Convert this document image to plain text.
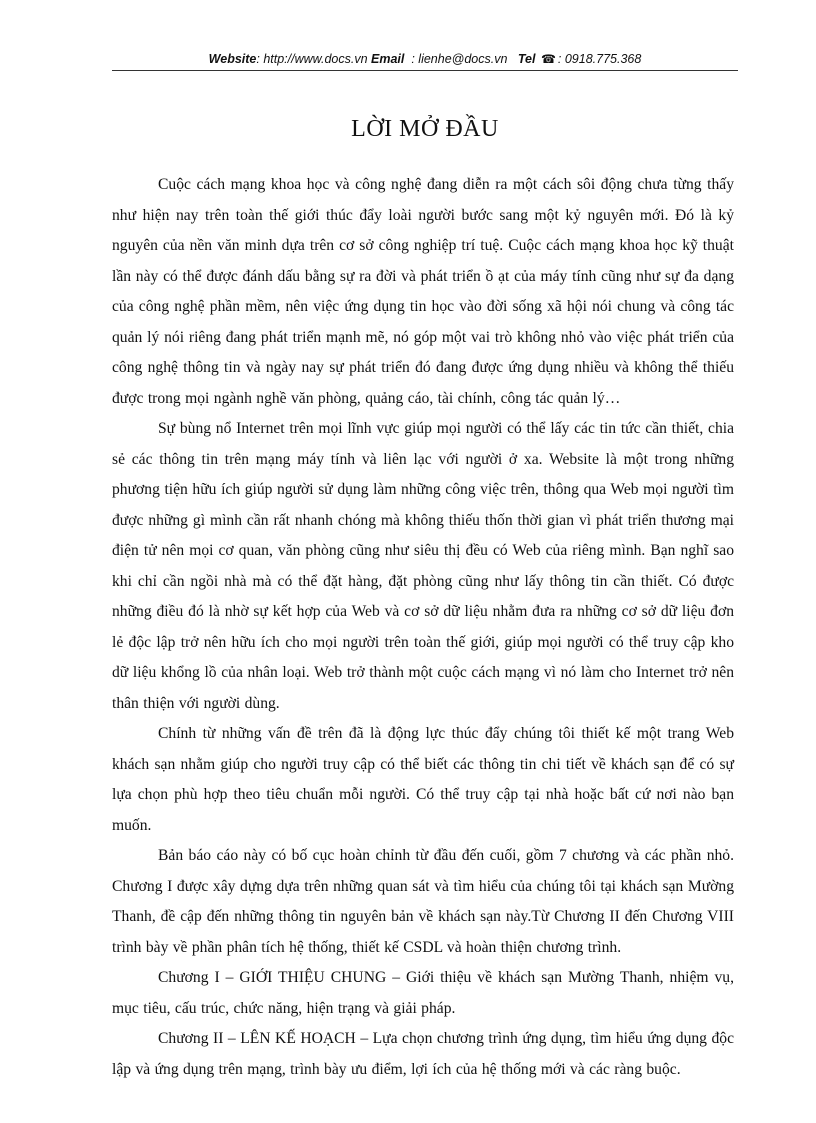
Website: http://www.docs.vn Email : lienhe@docs.vn Tel ☎ : 0918.775.368
LỜI MỞ ĐẦU

Cuộc cách mạng khoa học và công nghệ đang diễn ra một cách sôi động chưa từng thấy như hiện nay trên toàn thế giới thúc đẩy loài người bước sang một kỷ nguyên mới. Đó là kỷ nguyên của nền văn minh dựa trên cơ sở công nghiệp trí tuệ. Cuộc cách mạng khoa học kỹ thuật lần này có thể được đánh dấu bằng sự ra đời và phát triển ồ ạt của máy tính cũng như sự đa dạng của công nghệ phần mềm, nên việc ứng dụng tin học vào đời sống xã hội nói chung và công tác quản lý nói riêng đang phát triển mạnh mẽ, nó góp một vai trò không nhỏ vào việc phát triển của công nghệ thông tin và ngày nay sự phát triển đó đang được ứng dụng nhiều và không thể thiếu được trong mọi ngành nghề văn phòng, quảng cáo, tài chính, công tác quản lý…

Sự bùng nổ Internet trên mọi lĩnh vực giúp mọi người có thể lấy các tin tức cần thiết, chia sẻ các thông tin trên mạng máy tính và liên lạc với người ở xa. Website là một trong những phương tiện hữu ích giúp người sử dụng làm những công việc trên, thông qua Web mọi người tìm được những gì mình cần rất nhanh chóng mà không thiếu thốn thời gian vì phát triển thương mại điện tử nên mọi cơ quan, văn phòng cũng như siêu thị đều có Web của riêng mình. Bạn nghĩ sao khi chỉ cần ngồi nhà mà có thể đặt hàng, đặt phòng cũng như lấy thông tin cần thiết. Có được những điều đó là nhờ sự kết hợp của Web và cơ sở dữ liệu nhằm đưa ra những cơ sở dữ liệu đơn lẻ độc lập trở nên hữu ích cho mọi người trên toàn thế giới, giúp mọi người có thể truy cập kho dữ liệu khổng lồ của nhân loại. Web trở thành một cuộc cách mạng vì nó làm cho Internet trở nên thân thiện với người dùng.

Chính từ những vấn đề trên đã là động lực thúc đẩy chúng tôi thiết kế một trang Web khách sạn nhằm giúp cho người truy cập có thể biết các thông tin chi tiết về khách sạn để có sự lựa chọn phù hợp theo tiêu chuẩn mỗi người. Có thể truy cập tại nhà hoặc bất cứ nơi nào bạn muốn.

Bản báo cáo này có bố cục hoàn chỉnh từ đầu đến cuối, gồm 7 chương và các phần nhỏ. Chương I được xây dựng dựa trên những quan sát và tìm hiểu của chúng tôi tại khách sạn Mường Thanh, đề cập đến những thông tin nguyên bản về khách sạn này.Từ Chương II đến Chương VIII trình bày về phần phân tích hệ thống, thiết kế CSDL và hoàn thiện chương trình.

Chương I – GIỚI THIỆU CHUNG – Giới thiệu về khách sạn Mường Thanh, nhiệm vụ, mục tiêu, cấu trúc, chức năng, hiện trạng và giải pháp.

Chương II – LÊN KẾ HOẠCH – Lựa chọn chương trình ứng dụng, tìm hiểu ứng dụng độc lập và ứng dụng trên mạng, trình bày ưu điểm, lợi ích của hệ thống mới và các ràng buộc.
